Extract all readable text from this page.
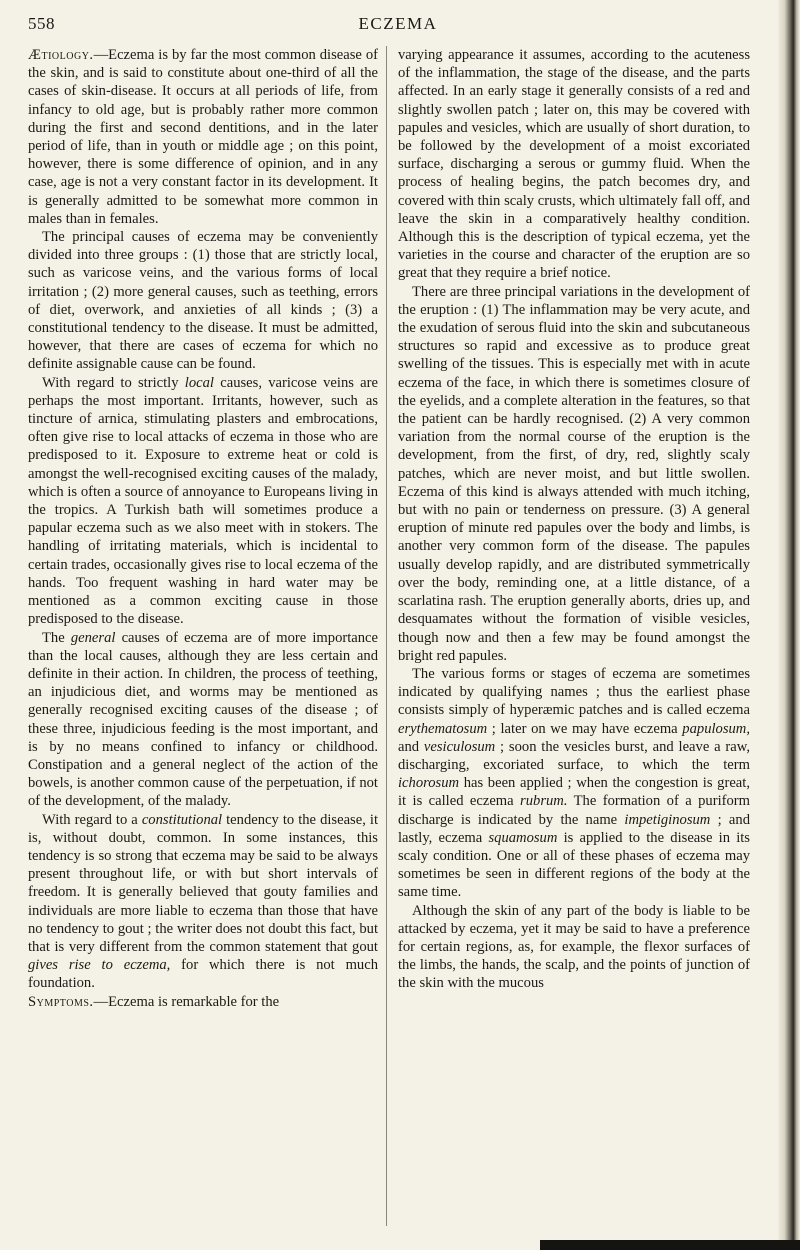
558	ECZEMA

Ætiology.—Eczema is by far the most common disease of the skin, and is said to constitute about one-third of all the cases of skin-disease. It occurs at all periods of life, from infancy to old age, but is probably rather more common during the first and second dentitions, and in the later period of life, than in youth or middle age ; on this point, however, there is some difference of opinion, and in any case, age is not a very constant factor in its development. It is generally admitted to be somewhat more common in males than in females.

The principal causes of eczema may be conveniently divided into three groups : (1) those that are strictly local, such as varicose veins, and the various forms of local irritation ; (2) more general causes, such as teething, errors of diet, overwork, and anxieties of all kinds ; (3) a constitutional tendency to the disease. It must be admitted, however, that there are cases of eczema for which no definite assignable cause can be found.

With regard to strictly local causes, varicose veins are perhaps the most important. Irritants, however, such as tincture of arnica, stimulating plasters and embrocations, often give rise to local attacks of eczema in those who are predisposed to it. Exposure to extreme heat or cold is amongst the well-recognised exciting causes of the malady, which is often a source of annoyance to Europeans living in the tropics. A Turkish bath will sometimes produce a papular eczema such as we also meet with in stokers. The handling of irritating materials, which is incidental to certain trades, occasionally gives rise to local eczema of the hands. Too frequent washing in hard water may be mentioned as a common exciting cause in those predisposed to the disease.

The general causes of eczema are of more importance than the local causes, although they are less certain and definite in their action. In children, the process of teething, an injudicious diet, and worms may be mentioned as generally recognised exciting causes of the disease ; of these three, injudicious feeding is the most important, and is by no means confined to infancy or childhood. Constipation and a general neglect of the action of the bowels, is another common cause of the perpetuation, if not of the development, of the malady.

With regard to a constitutional tendency to the disease, it is, without doubt, common. In some instances, this tendency is so strong that eczema may be said to be always present throughout life, or with but short intervals of freedom. It is generally believed that gouty families and individuals are more liable to eczema than those that have no tendency to gout ; the writer does not doubt this fact, but that is very different from the common statement that gout gives rise to eczema, for which there is not much foundation.

Symptoms.—Eczema is remarkable for the

varying appearance it assumes, according to the acuteness of the inflammation, the stage of the disease, and the parts affected. In an early stage it generally consists of a red and slightly swollen patch ; later on, this may be covered with papules and vesicles, which are usually of short duration, to be followed by the development of a moist excoriated surface, discharging a serous or gummy fluid. When the process of healing begins, the patch becomes dry, and covered with thin scaly crusts, which ultimately fall off, and leave the skin in a comparatively healthy condition. Although this is the description of typical eczema, yet the varieties in the course and character of the eruption are so great that they require a brief notice.

There are three principal variations in the development of the eruption : (1) The inflammation may be very acute, and the exudation of serous fluid into the skin and subcutaneous structures so rapid and excessive as to produce great swelling of the tissues. This is especially met with in acute eczema of the face, in which there is sometimes closure of the eyelids, and a complete alteration in the features, so that the patient can be hardly recognised. (2) A very common variation from the normal course of the eruption is the development, from the first, of dry, red, slightly scaly patches, which are never moist, and but little swollen. Eczema of this kind is always attended with much itching, but with no pain or tenderness on pressure. (3) A general eruption of minute red papules over the body and limbs, is another very common form of the disease. The papules usually develop rapidly, and are distributed symmetrically over the body, reminding one, at a little distance, of a scarlatina rash. The eruption generally aborts, dries up, and desquamates without the formation of visible vesicles, though now and then a few may be found amongst the bright red papules.

The various forms or stages of eczema are sometimes indicated by qualifying names ; thus the earliest phase consists simply of hyperæmic patches and is called eczema erythematosum ; later on we may have eczema papulosum, and vesiculosum ; soon the vesicles burst, and leave a raw, discharging, excoriated surface, to which the term ichorosum has been applied ; when the congestion is great, it is called eczema rubrum. The formation of a puriform discharge is indicated by the name impetiginosum ; and lastly, eczema squamosum is applied to the disease in its scaly condition. One or all of these phases of eczema may sometimes be seen in different regions of the body at the same time.

Although the skin of any part of the body is liable to be attacked by eczema, yet it may be said to have a preference for certain regions, as, for example, the flexor surfaces of the limbs, the hands, the scalp, and the points of junction of the skin with the mucous
